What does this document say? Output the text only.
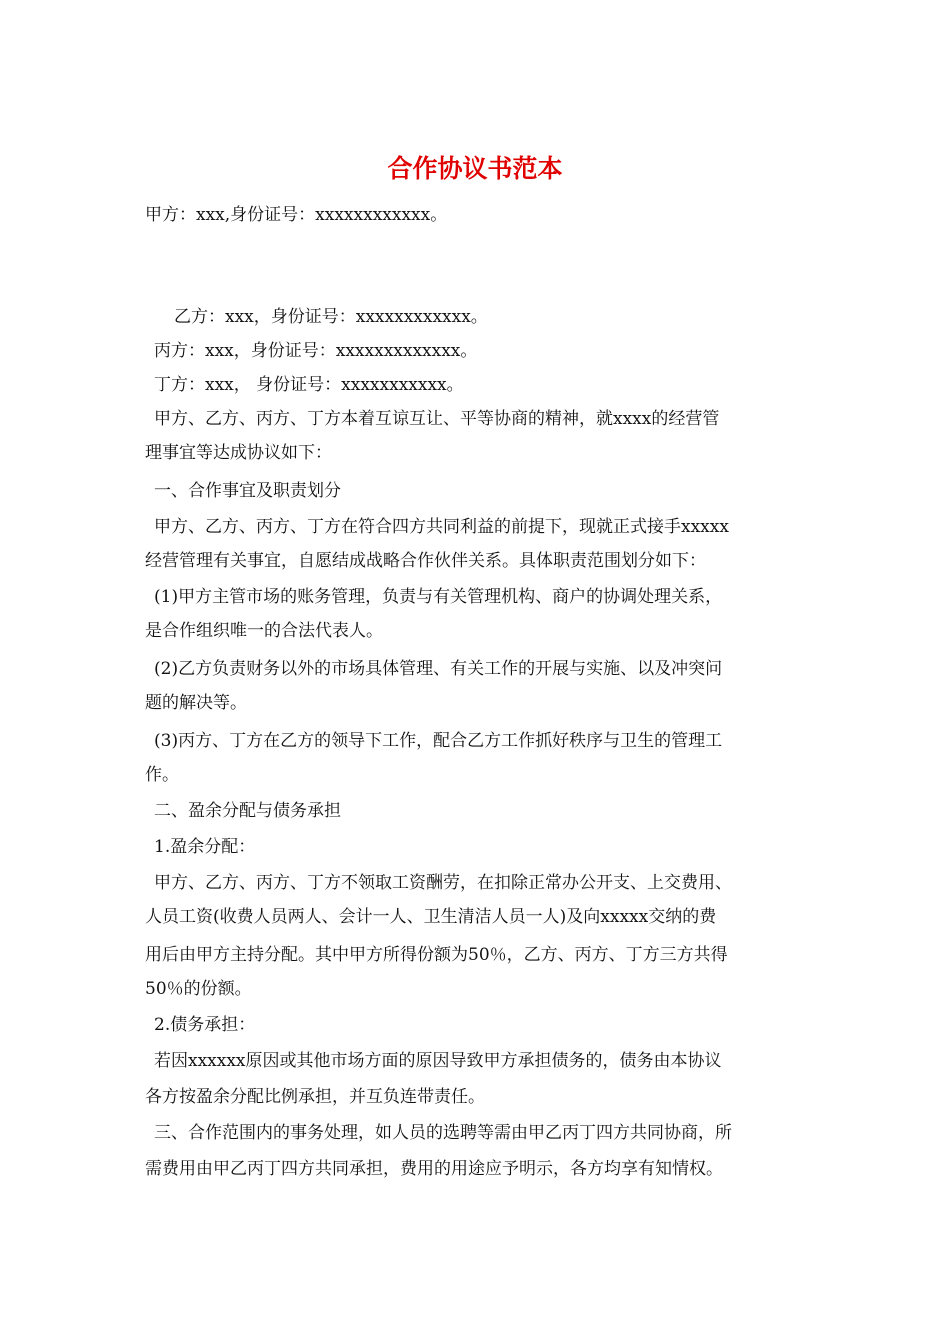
合作协议书范本
甲方：xxx,身份证号：xxxxxxxxxxxx。
乙方：xxx，身份证号：xxxxxxxxxxxx。
丙方：xxx，身份证号：xxxxxxxxxxxxx。
丁方：xxx， 身份证号：xxxxxxxxxxx。
甲方、乙方、丙方、丁方本着互谅互让、平等协商的精神，就xxxx的经营管
理事宜等达成协议如下：
一、合作事宜及职责划分
甲方、乙方、丙方、丁方在符合四方共同利益的前提下，现就正式接手xxxxx
经营管理有关事宜，自愿结成战略合作伙伴关系。具体职责范围划分如下：
(1)甲方主管市场的账务管理，负责与有关管理机构、商户的协调处理关系，
是合作组织唯一的合法代表人。
(2)乙方负责财务以外的市场具体管理、有关工作的开展与实施、以及冲突问
题的解决等。
(3)丙方、丁方在乙方的领导下工作，配合乙方工作抓好秩序与卫生的管理工
作。
二、盈余分配与债务承担
1.盈余分配：
甲方、乙方、丙方、丁方不领取工资酬劳，在扣除正常办公开支、上交费用、
人员工资(收费人员两人、会计一人、卫生清洁人员一人)及向xxxxx交纳的费
用后由甲方主持分配。其中甲方所得份额为50％，乙方、丙方、丁方三方共得
50％的份额。
2.债务承担：
若因xxxxxx原因或其他市场方面的原因导致甲方承担债务的，债务由本协议
各方按盈余分配比例承担，并互负连带责任。
三、合作范围内的事务处理，如人员的选聘等需由甲乙丙丁四方共同协商，所
需费用由甲乙丙丁四方共同承担，费用的用途应予明示，各方均享有知情权。
